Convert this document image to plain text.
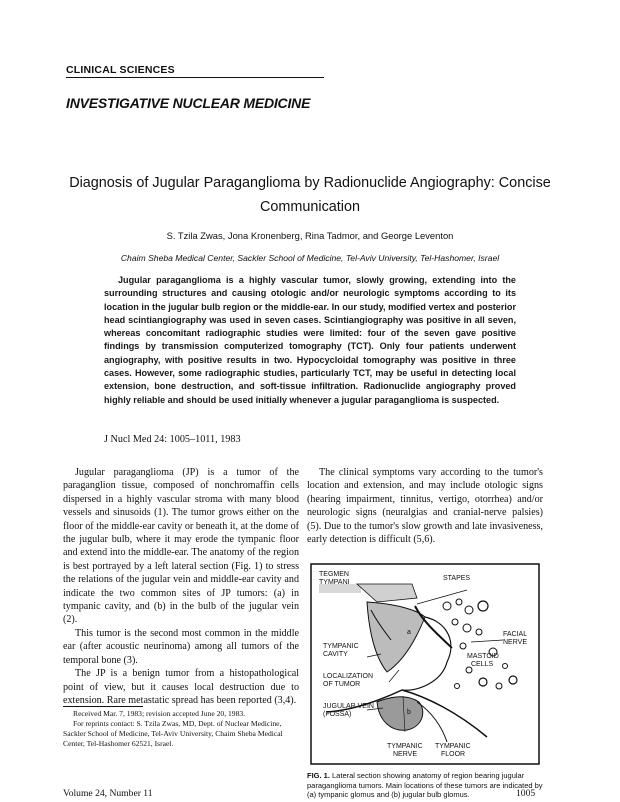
CLINICAL SCIENCES
INVESTIGATIVE NUCLEAR MEDICINE
Diagnosis of Jugular Paraganglioma by Radionuclide Angiography: Concise Communication
S. Tzila Zwas, Jona Kronenberg, Rina Tadmor, and George Leventon
Chaim Sheba Medical Center, Sackler School of Medicine, Tel-Aviv University, Tel-Hashomer, Israel

Jugular paraganglioma is a highly vascular tumor, slowly growing, extending into the surrounding structures and causing otologic and/or neurologic symptoms according to its location in the jugular bulb region or the middle-ear. In our study, modified vertex and posterior head scintiangiography was used in seven cases. Scintiangiography was positive in all seven, whereas concomitant radiographic studies were limited: four of the seven gave positive findings by transmission computerized tomography (TCT). Only four patients underwent angiography, with positive results in two. Hypocycloidal tomography was positive in three cases. However, some radiographic studies, particularly TCT, may be useful in detecting local extension, bone destruction, and soft-tissue infiltration. Radionuclide angiography proved highly reliable and should be used initially whenever a jugular paraganglioma is suspected.

J Nucl Med 24: 1005–1011, 1983

Jugular paraganglioma (JP) is a tumor of the paraganglion tissue, composed of nonchromaffin cells dispersed in a highly vascular stroma with many blood vessels and sinusoids (1). The tumor grows either on the floor of the middle-ear cavity or beneath it, at the dome of the jugular bulb, where it may erode the tympanic floor and extend into the middle-ear. The anatomy of the region is best portrayed by a left lateral section (Fig. 1) to stress the relations of the jugular vein and middle-ear cavity and indicate the two common sites of JP tumors: (a) in tympanic cavity, and (b) in the bulb of the jugular vein (2).

This tumor is the second most common in the middle ear (after acoustic neurinoma) among all tumors of the temporal bone (3).

The JP is a benign tumor from a histopathological point of view, but it causes local destruction due to extension. Rare metastatic spread has been reported (3,4).

The clinical symptoms vary according to the tumor's location and extension, and may include otologic signs (hearing impairment, tinnitus, vertigo, otorrhea) and/or neurologic signs (neuralgias and cranial-nerve palsies) (5). Due to the tumor's slow growth and late invasiveness, early detection is difficult (5,6).

Received Mar. 7, 1983; revision accepted June 20, 1983.

For reprints contact: S. Tzila Zwas, MD, Dept. of Nuclear Medicine, Sackler School of Medicine, Tel-Aviv University, Chaim Sheba Medical Center, Tel-Hashomer 62521, Israel.

TEGMEN
TYMPANI
STAPES
FACIAL
NERVE
TYMPANIC
CAVITY	MASTOID
CELLS
LOCALIZATION
OF TUMOR
JUGULAR VEIN
(FOSSA)
TYMPANIC
NERVE
TYMPANIC
FLOOR
a
b
FIG. 1. Lateral section showing anatomy of region bearing jugular paraganglioma tumors. Main locations of these tumors are indicated by (a) tympanic glomus and (b) jugular bulb glomus.
Volume 24, Number 11	1005
